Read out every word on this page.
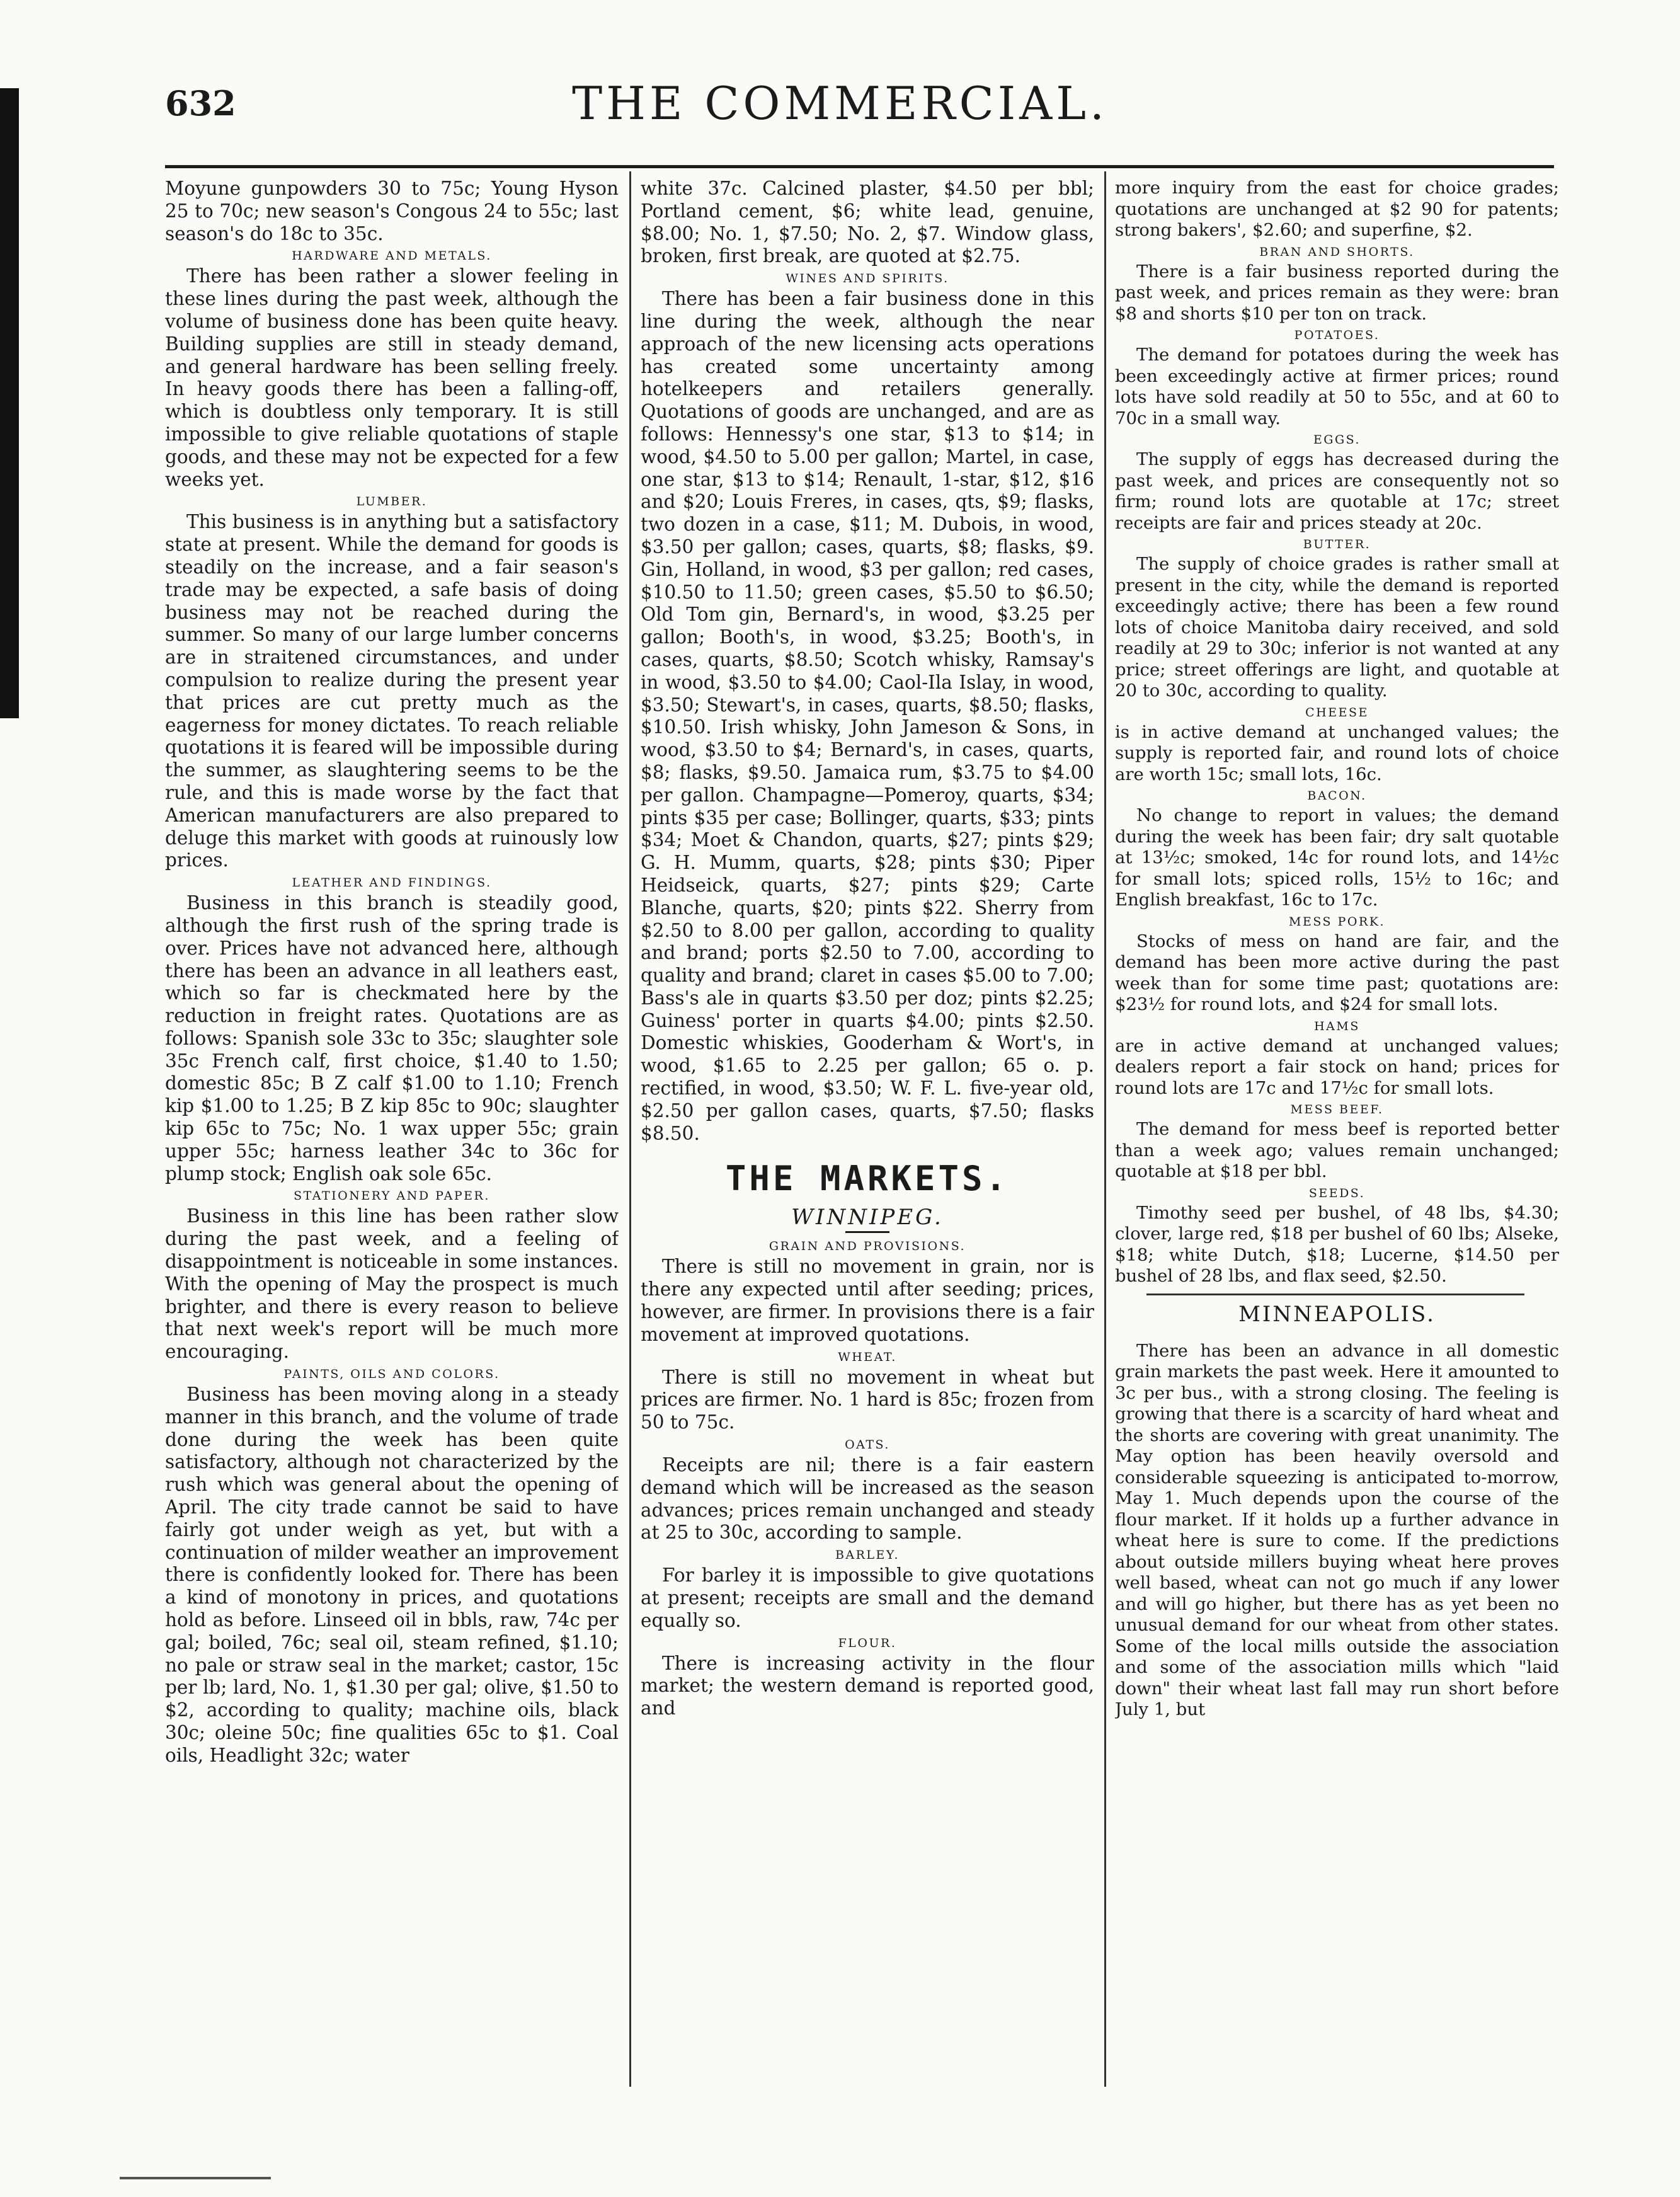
632	THE COMMERCIAL.

Moyune gunpowders 30 to 75c; Young Hyson 25 to 70c; new season's Congous 24 to 55c; last season's do 18c to 35c.

HARDWARE AND METALS.

There has been rather a slower feeling in these lines during the past week, although the volume of business done has been quite heavy. Building supplies are still in steady demand, and general hardware has been selling freely. In heavy goods there has been a falling-off, which is doubtless only temporary. It is still impossible to give reliable quotations of staple goods, and these may not be expected for a few weeks yet.

LUMBER.

This business is in anything but a satisfactory state at present. While the demand for goods is steadily on the increase, and a fair season's trade may be expected, a safe basis of doing business may not be reached during the summer. So many of our large lumber concerns are in straitened circumstances, and under compulsion to realize during the present year that prices are cut pretty much as the eagerness for money dictates. To reach reliable quotations it is feared will be impossible during the summer, as slaughtering seems to be the rule, and this is made worse by the fact that American manufacturers are also prepared to deluge this market with goods at ruinously low prices.

LEATHER AND FINDINGS.

Business in this branch is steadily good, although the first rush of the spring trade is over. Prices have not advanced here, although there has been an advance in all leathers east, which so far is checkmated here by the reduction in freight rates. Quotations are as follows: Spanish sole 33c to 35c; slaughter sole 35c French calf, first choice, $1.40 to 1.50; domestic 85c; B Z calf $1.00 to 1.10; French kip $1.00 to 1.25; B Z kip 85c to 90c; slaughter kip 65c to 75c; No. 1 wax upper 55c; grain upper 55c; harness leather 34c to 36c for plump stock; English oak sole 65c.

STATIONERY AND PAPER.

Business in this line has been rather slow during the past week, and a feeling of disappointment is noticeable in some instances. With the opening of May the prospect is much brighter, and there is every reason to believe that next week's report will be much more encouraging.

PAINTS, OILS AND COLORS.

Business has been moving along in a steady manner in this branch, and the volume of trade done during the week has been quite satisfactory, although not characterized by the rush which was general about the opening of April. The city trade cannot be said to have fairly got under weigh as yet, but with a continuation of milder weather an improvement there is confidently looked for. There has been a kind of monotony in prices, and quotations hold as before. Linseed oil in bbls, raw, 74c per gal; boiled, 76c; seal oil, steam refined, $1.10; no pale or straw seal in the market; castor, 15c per lb; lard, No. 1, $1.30 per gal; olive, $1.50 to $2, according to quality; machine oils, black 30c; oleine 50c; fine qualities 65c to $1. Coal oils, Headlight 32c; water

white 37c. Calcined plaster, $4.50 per bbl; Portland cement, $6; white lead, genuine, $8.00; No. 1, $7.50; No. 2, $7. Window glass, broken, first break, are quoted at $2.75.

WINES AND SPIRITS.

There has been a fair business done in this line during the week, although the near approach of the new licensing acts operations has created some uncertainty among hotelkeepers and retailers generally. Quotations of goods are unchanged, and are as follows: Hennessy's one star, $13 to $14; in wood, $4.50 to 5.00 per gallon; Martel, in case, one star, $13 to $14; Renault, 1-star, $12, $16 and $20; Louis Freres, in cases, qts, $9; flasks, two dozen in a case, $11; M. Dubois, in wood, $3.50 per gallon; cases, quarts, $8; flasks, $9. Gin, Holland, in wood, $3 per gallon; red cases, $10.50 to 11.50; green cases, $5.50 to $6.50; Old Tom gin, Bernard's, in wood, $3.25 per gallon; Booth's, in wood, $3.25; Booth's, in cases, quarts, $8.50; Scotch whisky, Ramsay's in wood, $3.50 to $4.00; Caol-Ila Islay, in wood, $3.50; Stewart's, in cases, quarts, $8.50; flasks, $10.50. Irish whisky, John Jameson & Sons, in wood, $3.50 to $4; Bernard's, in cases, quarts, $8; flasks, $9.50. Jamaica rum, $3.75 to $4.00 per gallon. Champagne—Pomeroy, quarts, $34; pints $35 per case; Bollinger, quarts, $33; pints $34; Moet & Chandon, quarts, $27; pints $29; G. H. Mumm, quarts, $28; pints $30; Piper Heidseick, quarts, $27; pints $29; Carte Blanche, quarts, $20; pints $22. Sherry from $2.50 to 8.00 per gallon, according to quality and brand; ports $2.50 to 7.00, according to quality and brand; claret in cases $5.00 to 7.00; Bass's ale in quarts $3.50 per doz; pints $2.25; Guiness' porter in quarts $4.00; pints $2.50. Domestic whiskies, Gooderham & Wort's, in wood, $1.65 to 2.25 per gallon; 65 o. p. rectified, in wood, $3.50; W. F. L. five-year old, $2.50 per gallon cases, quarts, $7.50; flasks $8.50.

THE MARKETS.
WINNIPEG.
GRAIN AND PROVISIONS.

There is still no movement in grain, nor is there any expected until after seeding; prices, however, are firmer. In provisions there is a fair movement at improved quotations.

WHEAT.

There is still no movement in wheat but prices are firmer. No. 1 hard is 85c; frozen from 50 to 75c.

OATS.

Receipts are nil; there is a fair eastern demand which will be increased as the season advances; prices remain unchanged and steady at 25 to 30c, according to sample.

BARLEY.

For barley it is impossible to give quotations at present; receipts are small and the demand equally so.

FLOUR.

There is increasing activity in the flour market; the western demand is reported good, and

more inquiry from the east for choice grades; quotations are unchanged at $2 90 for patents; strong bakers', $2.60; and superfine, $2.

BRAN AND SHORTS.

There is a fair business reported during the past week, and prices remain as they were: bran $8 and shorts $10 per ton on track.

POTATOES.

The demand for potatoes during the week has been exceedingly active at firmer prices; round lots have sold readily at 50 to 55c, and at 60 to 70c in a small way.

EGGS.

The supply of eggs has decreased during the past week, and prices are consequently not so firm; round lots are quotable at 17c; street receipts are fair and prices steady at 20c.

BUTTER.

The supply of choice grades is rather small at present in the city, while the demand is reported exceedingly active; there has been a few round lots of choice Manitoba dairy received, and sold readily at 29 to 30c; inferior is not wanted at any price; street offerings are light, and quotable at 20 to 30c, according to quality.

CHEESE

is in active demand at unchanged values; the supply is reported fair, and round lots of choice are worth 15c; small lots, 16c.

BACON.

No change to report in values; the demand during the week has been fair; dry salt quotable at 13½c; smoked, 14c for round lots, and 14½c for small lots; spiced rolls, 15½ to 16c; and English breakfast, 16c to 17c.

MESS PORK.

Stocks of mess on hand are fair, and the demand has been more active during the past week than for some time past; quotations are: $23½ for round lots, and $24 for small lots.

HAMS

are in active demand at unchanged values; dealers report a fair stock on hand; prices for round lots are 17c and 17½c for small lots.

MESS BEEF.

The demand for mess beef is reported better than a week ago; values remain unchanged; quotable at $18 per bbl.

SEEDS.

Timothy seed per bushel, of 48 lbs, $4.30; clover, large red, $18 per bushel of 60 lbs; Alseke, $18; white Dutch, $18; Lucerne, $14.50 per bushel of 28 lbs, and flax seed, $2.50.

MINNEAPOLIS.

There has been an advance in all domestic grain markets the past week. Here it amounted to 3c per bus., with a strong closing. The feeling is growing that there is a scarcity of hard wheat and the shorts are covering with great unanimity. The May option has been heavily oversold and considerable squeezing is anticipated to-morrow, May 1. Much depends upon the course of the flour market. If it holds up a further advance in wheat here is sure to come. If the predictions about outside millers buying wheat here proves well based, wheat can not go much if any lower and will go higher, but there has as yet been no unusual demand for our wheat from other states. Some of the local mills outside the association and some of the association mills which "laid down" their wheat last fall may run short before July 1, but
